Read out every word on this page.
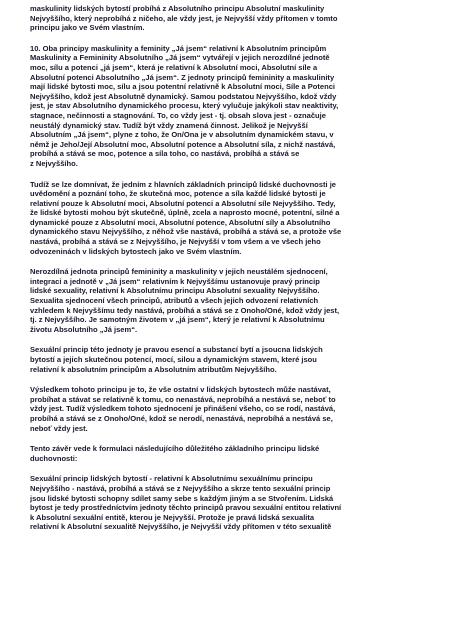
maskulinity lidských bytostí probíhá z Absolutního principu Absolutní maskulinity
Nejvyššího, který neprobíhá z ničeho, ale vždy jest, je Nejvyšší vždy přítomen v tomto
principu jako ve Svém vlastním.

10. Oba principy maskulinity a feminity „Já jsem“ relativní k Absolutním principům
Maskulinity a Femininity Absolutního „Já jsem“ vytvářejí v jejich nerozdílné jednotě
moc, sílu a potenci „já jsem“, která je relativní k Absolutní moci, Absolutní síle a
Absolutní potenci Absolutního „Já jsem“. Z jednoty principů femininity a maskulinity
mají lidské bytosti moc, sílu a jsou potentní relativně k Absolutní moci, Síle a Potenci
Nejvyššího, kdož jest Absolutně dynamický. Samou podstatou Nejvyššího, kdož vždy
jest, je stav Absolutního dynamického procesu, který vylučuje jakýkoli stav neaktivity,
stagnace, nečinnosti a stagnování. To, co vždy jest - tj. obsah slova jest - označuje
neustálý dynamický stav. Tudíž být vždy znamená činnost. Jelikož je Nejvyšší
Absolutním „Já jsem“, plyne z toho, že On/Ona je v absolutním dynamickém stavu, v
němž je Jeho/Její Absolutní moc, Absolutní potence a Absolutní síla, z nichž nastává,
probíhá a stává se moc, potence a síla toho, co nastává, probíhá a stává se
z Nejvyššího.

Tudíž se lze domnívat, že jedním z hlavních základních principů lidské duchovnosti je
uvědomění a poznání toho, že skutečná moc, potence a síla každé lidské bytosti je
relativní pouze k Absolutní moci, Absolutní potenci a Absolutní síle Nejvyššího. Tedy,
že lidské bytosti mohou být skutečně, úplně, zcela a naprosto mocné, potentní, silné a
dynamické pouze z Absolutní moci, Absolutní potence, Absolutní síly a Absolutního
dynamického stavu Nejvyššího, z něhož vše nastává, probíhá a stává se, a protože vše
nastává, probíhá a stává se z Nejvyššího, je Nejvyšší v tom všem a ve všech jeho
odvozeninách v lidských bytostech jako ve Svém vlastním.

Nerozdílná jednota principů femininity a maskulinity v jejich neustálém sjednocení,
integraci a jednotě v „Já jsem“ relativním k Nejvyššímu ustanovuje pravý princip
lidské sexuality, relativní k Absolutnímu principu Absolutní sexuality Nejvyššího.
Sexualita sjednocení všech principů, atributů a všech jejich odvození relativních
vzhledem k Nejvyššímu tedy nastává, probíhá a stává se z Onoho/Oné, kdož vždy jest,
tj. z Nejvyššího. Je samotným životem v „já jsem“, který je relativní k Absolutnímu
životu Absolutního „Já jsem“.

Sexuální princip této jednoty je pravou esencí a substancí bytí a jsoucna lidských
bytostí a jejich skutečnou potencí, mocí, silou a dynamickým stavem, které jsou
relativní k absolutním principům a Absolutním atributům Nejvyššího.

Výsledkem tohoto principu je to, že vše ostatní v lidských bytostech může nastávat,
probíhat a stávat se relativně k tomu, co nenastává, neprobíhá a nestává se, neboť to
vždy jest. Tudíž výsledkem tohoto sjednocení je přinášení všeho, co se rodí, nastává,
probíhá a stává se z Onoho/Oné, kdož se nerodí, nenastává, neprobíhá a nestává se,
neboť vždy jest.

Tento závěr vede k formulaci následujícího důležitého základního principu lidské
duchovnosti:

Sexuální princip lidských bytostí - relativní k Absolutnímu sexuálnímu principu
Nejvyššího - nastává, probíhá a stává se z Nejvyššího a skrze tento sexuální princip
jsou lidské bytosti schopny sdílet samy sebe s každým jiným a se Stvořením. Lidská
bytost je tedy prostředníctvím jednoty těchto principů pravou sexuální entitou relativní
k Absolutní sexuální entitě, kterou je Nejvyšší. Protože je pravá lidská sexualita
relativní k Absolutní sexualitě Nejvyššího, je Nejvyšší vždy přítomen v této sexualitě
